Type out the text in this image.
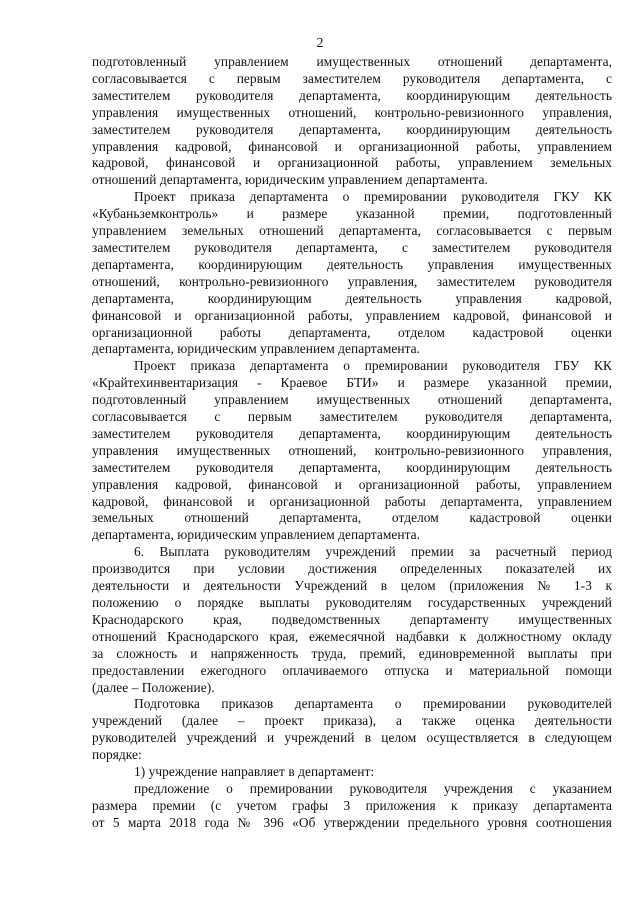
2

подготовленный управлением имущественных отношений департамента,
согласовывается с первым заместителем руководителя департамента, с
заместителем руководителя департамента, координирующим деятельность
управления имущественных отношений, контрольно-ревизионного управления,
заместителем руководителя департамента, координирующим деятельность
управления кадровой, финансовой и организационной работы, управлением
кадровой, финансовой и организационной работы, управлением земельных
отношений департамента, юридическим управлением департамента.

Проект приказа департамента о премировании руководителя ГКУ КК
«Кубаньземконтроль» и размере указанной премии, подготовленный
управлением земельных отношений департамента, согласовывается с первым
заместителем руководителя департамента, с заместителем руководителя
департамента, координирующим деятельность управления имущественных
отношений, контрольно-ревизионного управления, заместителем руководителя
департамента, координирующим деятельность управления кадровой,
финансовой и организационной работы, управлением кадровой, финансовой и
организационной работы департамента, отделом кадастровой оценки
департамента, юридическим управлением департамента.

Проект приказа департамента о премировании руководителя ГБУ КК
«Крайтехинвентаризация - Краевое БТИ» и размере указанной премии,
подготовленный управлением имущественных отношений департамента,
согласовывается с первым заместителем руководителя департамента,
заместителем руководителя департамента, координирующим деятельность
управления имущественных отношений, контрольно-ревизионного управления,
заместителем руководителя департамента, координирующим деятельность
управления кадровой, финансовой и организационной работы, управлением
кадровой, финансовой и организационной работы департамента, управлением
земельных отношений департамента, отделом кадастровой оценки
департамента, юридическим управлением департамента.

6. Выплата руководителям учреждений премии за расчетный период
производится при условии достижения определенных показателей их
деятельности и деятельности Учреждений в целом (приложения № 1-3 к
положению о порядке выплаты руководителям государственных учреждений
Краснодарского края, подведомственных департаменту имущественных
отношений Краснодарского края, ежемесячной надбавки к должностному окладу
за сложность и напряженность труда, премий, единовременной выплаты при
предоставлении ежегодного оплачиваемого отпуска и материальной помощи
(далее – Положение).

Подготовка приказов департамента о премировании руководителей
учреждений (далее – проект приказа), а также оценка деятельности
руководителей учреждений и учреждений в целом осуществляется в следующем
порядке:

1) учреждение направляет в департамент:

предложение о премировании руководителя учреждения с указанием
размера премии (с учетом графы 3 приложения к приказу департамента
от 5 марта 2018 года № 396 «Об утверждении предельного уровня соотношения
